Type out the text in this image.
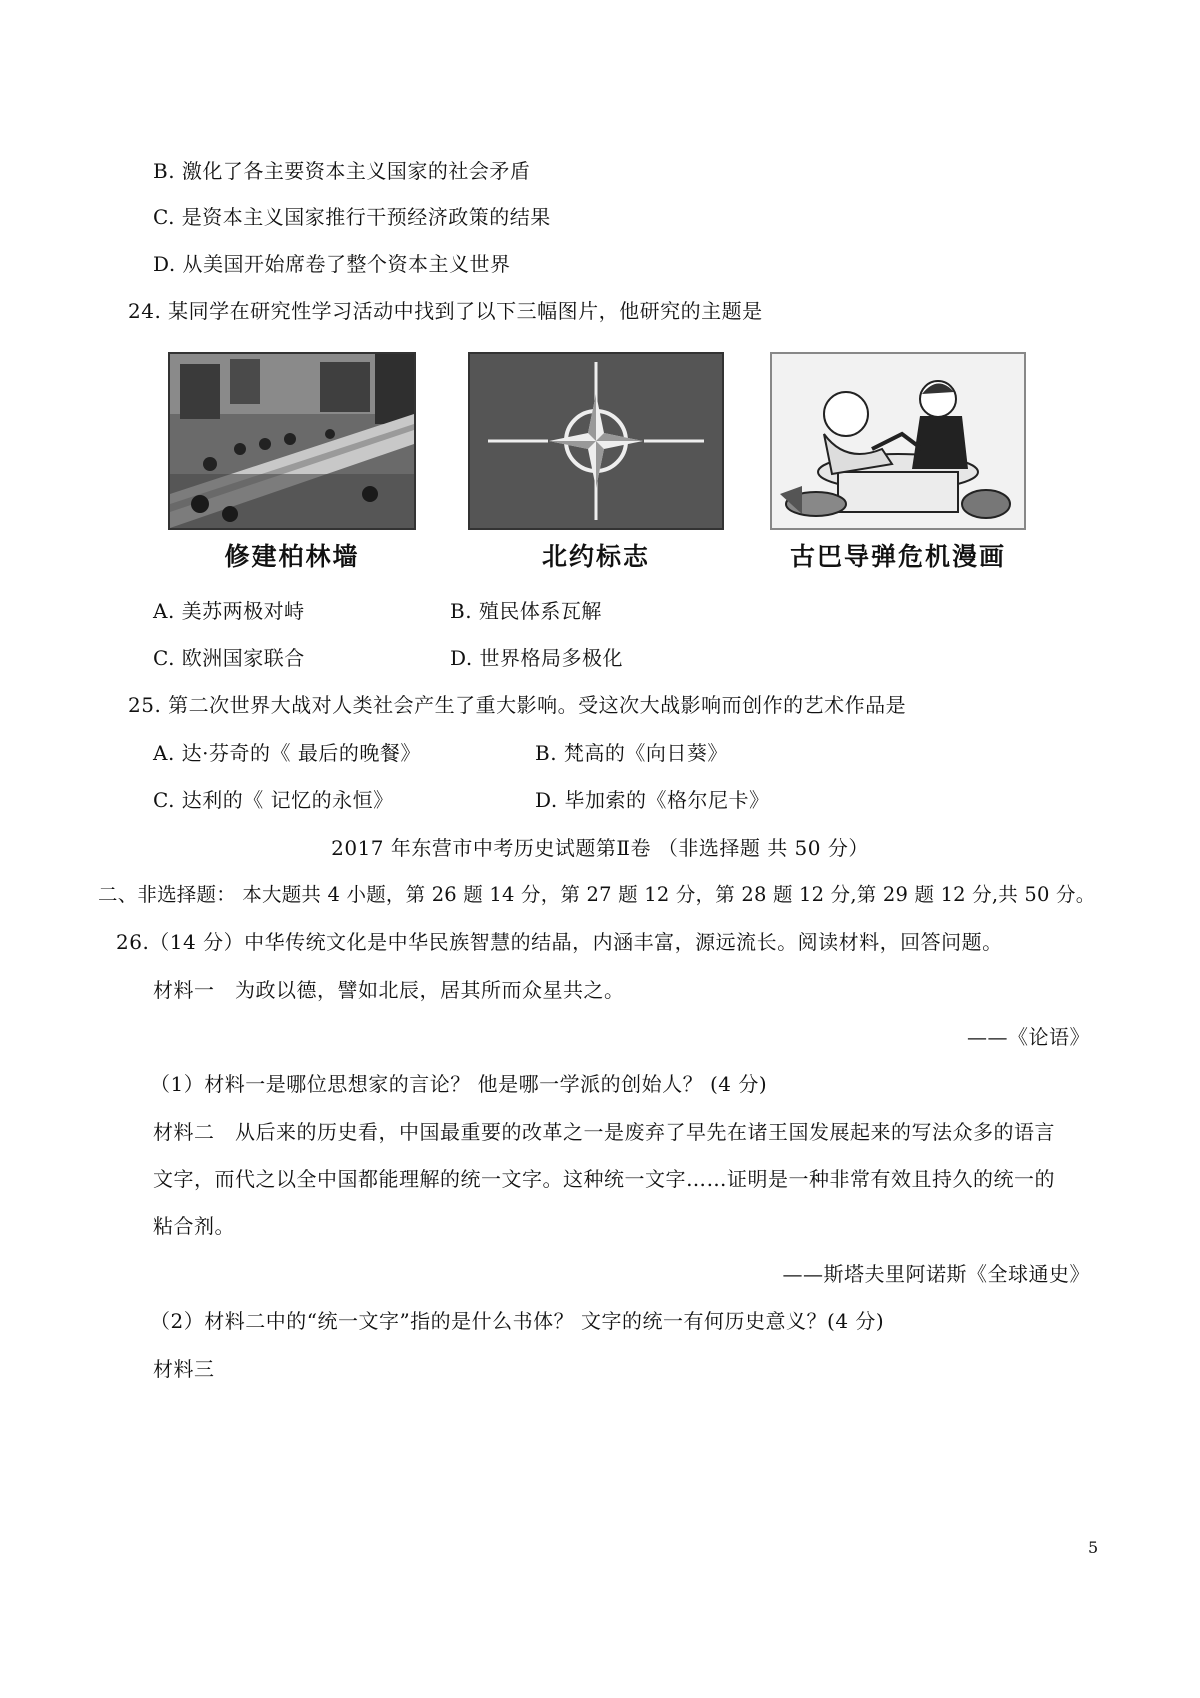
B. 激化了各主要资本主义国家的社会矛盾
C. 是资本主义国家推行干预经济政策的结果
D. 从美国开始席卷了整个资本主义世界
24. 某同学在研究性学习活动中找到了以下三幅图片，他研究的主题是
修建柏林墙	北约标志	古巴导弹危机漫画
A. 美苏两极对峙	B. 殖民体系瓦解
C. 欧洲国家联合	D. 世界格局多极化
25. 第二次世界大战对人类社会产生了重大影响。受这次大战影响而创作的艺术作品是
A. 达·芬奇的《 最后的晚餐》	B. 梵高的《向日葵》
C. 达利的《 记忆的永恒》	D. 毕加索的《格尔尼卡》
2017 年东营市中考历史试题第Ⅱ卷 （非选择题 共 50 分）
二、非选择题： 本大题共 4 小题，第 26 题 14 分，第 27 题 12 分，第 28 题 12 分,第 29 题 12 分,共 50 分。
26.（14 分）中华传统文化是中华民族智慧的结晶，内涵丰富，源远流长。阅读材料，回答问题。
材料一　为政以德，譬如北辰，居其所而众星共之。
——《论语》
（1）材料一是哪位思想家的言论？ 他是哪一学派的创始人？ (4 分)
材料二　从后来的历史看，中国最重要的改革之一是废弃了早先在诸王国发展起来的写法众多的语言
文字，而代之以全中国都能理解的统一文字。这种统一文字……证明是一种非常有效且持久的统一的
粘合剂。
——斯塔夫里阿诺斯《全球通史》
（2）材料二中的“统一文字”指的是什么书体？ 文字的统一有何历史意义？(4 分)
材料三
5
